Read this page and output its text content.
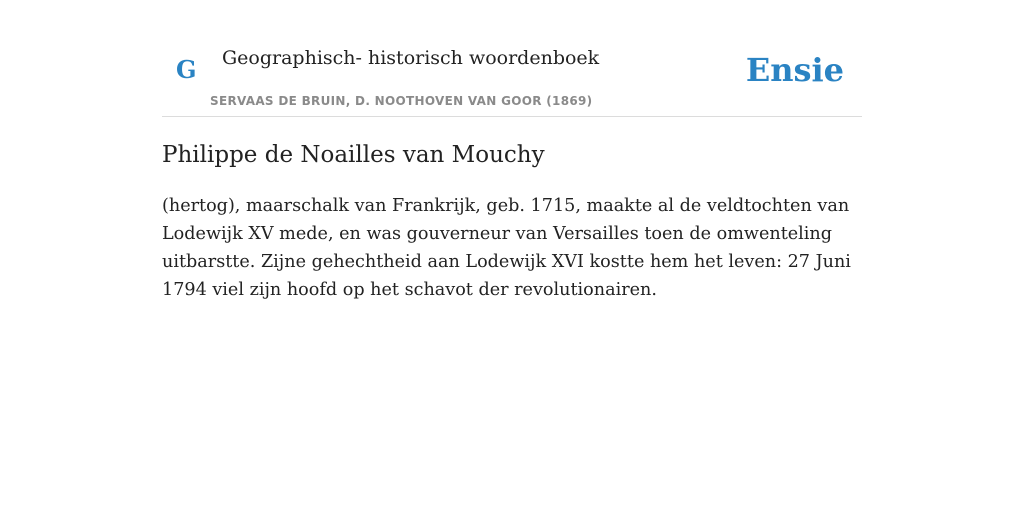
G Geographisch- historisch woordenboek
SERVAAS DE BRUIN, D. NOOTHOVEN VAN GOOR (1869)
Ensie
Philippe de Noailles van Mouchy

(hertog), maarschalk van Frankrijk, geb. 1715, maakte al de veldtochten van Lodewijk XV mede, en was gouverneur van Versailles toen de omwenteling uitbarstte. Zijne gehechtheid aan Lodewijk XVI kostte hem het leven: 27 Juni 1794 viel zijn hoofd op het schavot der revolutionairen.
